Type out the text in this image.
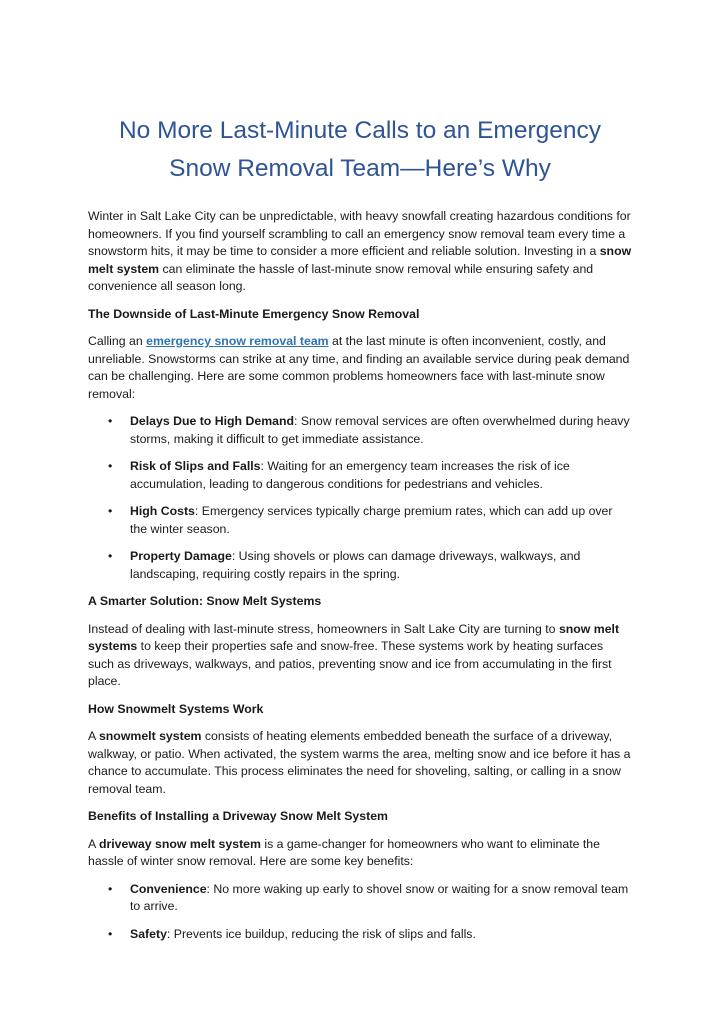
No More Last-Minute Calls to an Emergency
Snow Removal Team—Here’s Why

Winter in Salt Lake City can be unpredictable, with heavy snowfall creating hazardous conditions for homeowners. If you find yourself scrambling to call an emergency snow removal team every time a snowstorm hits, it may be time to consider a more efficient and reliable solution. Investing in a snow melt system can eliminate the hassle of last-minute snow removal while ensuring safety and convenience all season long.

The Downside of Last-Minute Emergency Snow Removal

Calling an emergency snow removal team at the last minute is often inconvenient, costly, and unreliable. Snowstorms can strike at any time, and finding an available service during peak demand can be challenging. Here are some common problems homeowners face with last-minute snow removal:

• Delays Due to High Demand: Snow removal services are often overwhelmed during heavy storms, making it difficult to get immediate assistance.
• Risk of Slips and Falls: Waiting for an emergency team increases the risk of ice accumulation, leading to dangerous conditions for pedestrians and vehicles.
• High Costs: Emergency services typically charge premium rates, which can add up over the winter season.
• Property Damage: Using shovels or plows can damage driveways, walkways, and landscaping, requiring costly repairs in the spring.

A Smarter Solution: Snow Melt Systems

Instead of dealing with last-minute stress, homeowners in Salt Lake City are turning to snow melt systems to keep their properties safe and snow-free. These systems work by heating surfaces such as driveways, walkways, and patios, preventing snow and ice from accumulating in the first place.

How Snowmelt Systems Work

A snowmelt system consists of heating elements embedded beneath the surface of a driveway, walkway, or patio. When activated, the system warms the area, melting snow and ice before it has a chance to accumulate. This process eliminates the need for shoveling, salting, or calling in a snow removal team.

Benefits of Installing a Driveway Snow Melt System

A driveway snow melt system is a game-changer for homeowners who want to eliminate the hassle of winter snow removal. Here are some key benefits:

• Convenience: No more waking up early to shovel snow or waiting for a snow removal team to arrive.
• Safety: Prevents ice buildup, reducing the risk of slips and falls.
